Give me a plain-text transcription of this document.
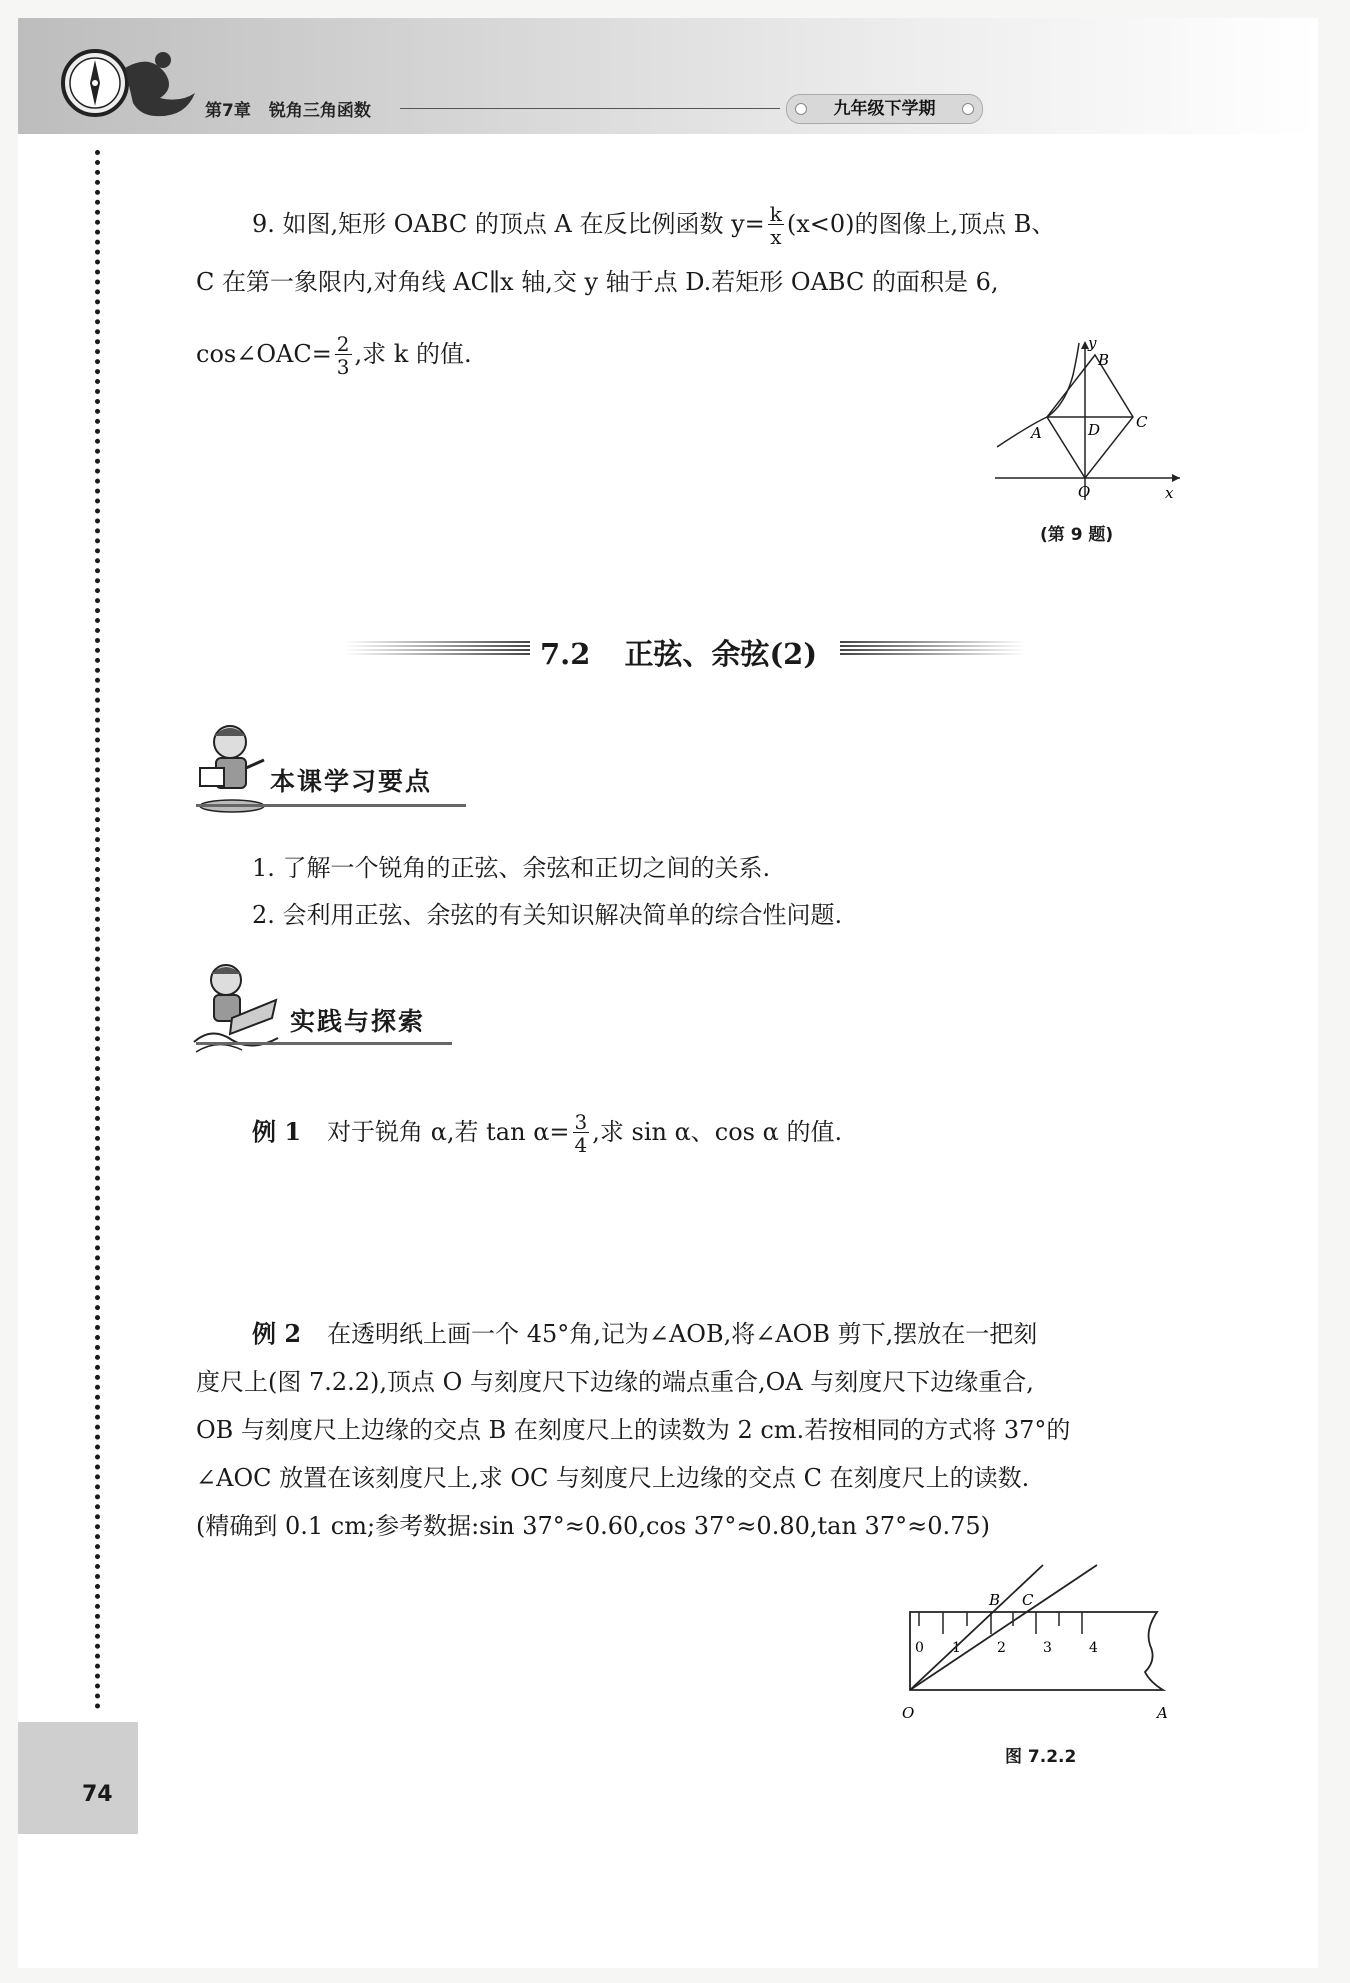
第7章 锐角三角函数	九年级下学期
9. 如图,矩形 OABC 的顶点 A 在反比例函数 $y= \frac{k}{x} (x<0)$的图像上,顶点 B、
C 在第一象限内,对角线 AC∥x 轴,交 y 轴于点 D.若矩形 OABC 的面积是 6,
cos∠OAC= $\frac{2}{3}$ ,求 k 的值.	y
B
C
A	D
O	x
(第 9 题)
7.2 正弦、余弦(2)
本课学习要点
1. 了解一个锐角的正弦、余弦和正切之间的关系.
2. 会利用正弦、余弦的有关知识解决简单的综合性问题.
实践与探索
例 1 对于锐角 α,若 $\tan \alpha= \frac{3}{4}$ ,求 sin α、cos α 的值.
例 2 在透明纸上画一个 45°角,记为∠AOB,将∠AOB 剪下,摆放在一把刻
度尺上(图 7.2.2),顶点 O 与刻度尺下边缘的端点重合,OA 与刻度尺下边缘重合,
OB 与刻度尺上边缘的交点 B 在刻度尺上的读数为 2 cm.若按相同的方式将 37°的
∠AOC 放置在该刻度尺上,求 OC 与刻度尺上边缘的交点 C 在刻度尺上的读数.
(精确到 0.1 cm;参考数据:sin 37°≈0.60,cos 37°≈0.80,tan 37°≈0.75)
0 1	2	3	4
B C
O	A
图 7.2.2
74
